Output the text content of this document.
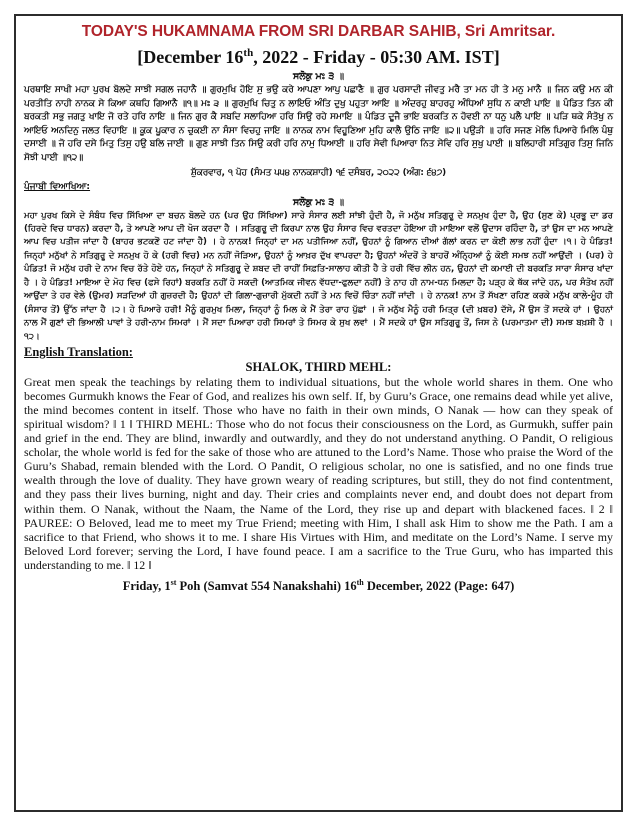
TODAY'S HUKAMNAMA FROM SRI DARBAR SAHIB, Sri Amritsar.
[December 16th, 2022 - Friday - 05:30 AM. IST]
ਸਲੋਕੁ ਮਃ ੩ ॥
ਪਰਥਾਇ ਸਾਖੀ ਮਹਾ ਪੁਰਖ ਬੋਲਦੇ ਸਾਝੀ ਸਗਲ ਜਹਾਨੈ ॥ ਗੁਰਮੁਖਿ ਹੋਇ ਸੁ ਭਉ ਕਰੇ ਆਪਣਾ ਆਪੁ ਪਛਾਣੈ ॥ ਗੁਰ ਪਰਸਾਦੀ ਜੀਵਤੁ ਮਰੈ ਤਾ ਮਨ ਹੀ ਤੇ ਮਨੁ ਮਾਨੈ ॥ ਜਿਨ ਕਉ ਮਨ ਕੀ ਪਰਤੀਤਿ ਨਾਹੀ ਨਾਨਕ ਸੇ ਕਿਆ ਕਥਹਿ ਗਿਆਨੈ ॥੧॥ ਮਃ ੩ ॥ ਗੁਰਮੁਖਿ ਚਿਤੁ ਨ ਲਾਇਓ ਅੰਤਿ ਦੁਖੁ ਪਹੁਤਾ ਆਇ ॥ ਅੰਦਰਹੁ ਬਾਹਰਹੁ ਅੰਧਿਆਂ ਸੁਧਿ ਨ ਕਾਈ ਪਾਇ ॥ ਪੰਡਿਤ ਤਿਨ ਕੀ ਬਰਕਤੀ ਸਭੁ ਜਗਤੁ ਖਾਇ ਜੋ ਰਤੇ ਹਰਿ ਨਾਇ ॥ ਜਿਨ ਗੁਰ ਕੈ ਸਬਦਿ ਸਲਾਹਿਆ ਹਰਿ ਸਿਉ ਰਹੇ ਸਮਾਇ ॥ ਪੰਡਿਤ ਦੂਜੈ ਭਾਇ ਬਰਕਤਿ ਨ ਹੋਵਈ ਨਾ ਧਨੁ ਪਲੈ ਪਾਇ ॥ ਪੜਿ ਥਕੇ ਸੰਤੋਖੁ ਨ ਆਇਓ ਅਨਦਿਨੁ ਜਲਤ ਵਿਹਾਇ ॥ ਕੂਕ ਪੂਕਾਰ ਨ ਚੁਕਈ ਨਾ ਸੰਸਾ ਵਿਚਹੁ ਜਾਇ ॥ ਨਾਨਕ ਨਾਮ ਵਿਹੂਣਿਆ ਮੁਹਿ ਕਾਲੈ ਉਠਿ ਜਾਇ ॥੨॥ ਪਉੜੀ ॥ ਹਰਿ ਸਜਣ ਮੇਲਿ ਪਿਆਰੇ ਮਿਲਿ ਪੰਥੁ ਦਸਾਈ ॥ ਜੋ ਹਰਿ ਦਸੇ ਮਿਤੁ ਤਿਸੁ ਹਉ ਬਲਿ ਜਾਈ ॥ ਗੁਣ ਸਾਝੀ ਤਿਨ ਸਿਉ ਕਰੀ ਹਰਿ ਨਾਮੁ ਧਿਆਈ ॥ ਹਰਿ ਸੇਵੀ ਪਿਆਰਾ ਨਿਤ ਸੇਵਿ ਹਰਿ ਸੁਖੁ ਪਾਈ ॥ ਬਲਿਹਾਰੀ ਸਤਿਗੁਰ ਤਿਸੁ ਜਿਨਿ ਸੋਝੀ ਪਾਈ ॥੧੨॥
ਸ਼ੁੱਕਰਵਾਰ, ੧ ਪੋਹ (ਸੰਮਤ ੫੫੪ ਨਾਨਕਸ਼ਾਹੀ) ੧੬ ਦਸੰਬਰ, ੨੦੨੨ (ਅੰਗ: ੬੪੭)
ਪੰਜਾਬੀ ਵਿਆਖਿਆ:
ਸਲੋਕੁ ਮਃ ੩ ॥
ਮਹਾ ਪੁਰਖ ਕਿਸੇ ਦੇ ਸੰਬੰਧ ਵਿਚ ਸਿੱਖਿਆ ਦਾ ਬਚਨ ਬੋਲਦੇ ਹਨ (ਪਰ ਉਹ ਸਿੱਖਿਆ) ਸਾਰੇ ਸੰਸਾਰ ਲਈ ਸਾਂਝੀ ਹੁੰਦੀ ਹੈ, ਜੋ ਮਨੁੱਖ ਸਤਿਗੁਰੂ ਦੇ ਸਨਮੁਖ ਹੁੰਦਾ ਹੈ, ਉਹ (ਸੁਣ ਕੇ) ਪ੍ਰਭੂ ਦਾ ਡਰ (ਹਿਰਦੇ ਵਿਚ ਧਾਰਨ) ਕਰਦਾ ਹੈ, ਤੇ ਆਪਣੇ ਆਪ ਦੀ ਖੋਜ ਕਰਦਾ ਹੈ । ਸਤਿਗੁਰੂ ਦੀ ਕਿਰਪਾ ਨਾਲ ਉਹ ਸੰਸਾਰ ਵਿਚ ਵਰਤਦਾ ਹੋਇਆ ਹੀ ਮਾਇਆ ਵਲੋਂ ਉਦਾਸ ਰਹਿੰਦਾ ਹੈ, ਤਾਂ ਉਸ ਦਾ ਮਨ ਆਪਣੇ ਆਪ ਵਿਚ ਪਤੀਜ ਜਾਂਦਾ ਹੈ (ਬਾਹਰ ਭਟਕਣੋਂ ਹਟ ਜਾਂਦਾ ਹੈ) । ਹੇ ਨਾਨਕ! ਜਿਨ੍ਹਾਂ ਦਾ ਮਨ ਪਤੀਜਿਆ ਨਹੀਂ, ਉਹਨਾਂ ਨੂੰ ਗਿਆਨ ਦੀਆਂ ਗੱਲਾਂ ਕਰਨ ਦਾ ਕੋਈ ਲਾਭ ਨਹੀਂ ਹੁੰਦਾ ।੧। ਹੇ ਪੰਡਿਤ! ਜਿਨ੍ਹਾਂ ਮਨੁੱਖਾਂ ਨੇ ਸਤਿਗੁਰੂ ਦੇ ਸਨਮੁਖ ਹੋ ਕੇ (ਹਰੀ ਵਿਚ) ਮਨ ਨਹੀਂ ਜੋੜਿਆ, ਉਹਨਾਂ ਨੂੰ ਆਖ਼ਰ ਦੁੱਖ ਵਾਪਰਦਾ ਹੈ; ਉਹਨਾਂ ਅੰਦਰੋਂ ਤੇ ਬਾਹਰੋਂ ਅੰਨ੍ਹਿਆਂ ਨੂੰ ਕੋਈ ਸਮਝ ਨਹੀਂ ਆਉਂਦੀ । (ਪਰ) ਹੇ ਪੰਡਿਤ! ਜੋ ਮਨੁੱਖ ਹਰੀ ਦੇ ਨਾਮ ਵਿਚ ਰੱਤੇ ਹੋਏ ਹਨ, ਜਿਨ੍ਹਾਂ ਨੇ ਸਤਿਗੁਰੂ ਦੇ ਸ਼ਬਦ ਦੀ ਰਾਹੀਂ ਸਿਫ਼ਤਿ-ਸਾਲਾਹ ਕੀਤੀ ਹੈ ਤੇ ਹਰੀ ਵਿੱਚ ਲੀਨ ਹਨ, ਉਹਨਾਂ ਦੀ ਕਮਾਈ ਦੀ ਬਰਕਤਿ ਸਾਰਾ ਸੰਸਾਰ ਖਾਂਦਾ ਹੈ । ਹੇ ਪੰਡਿਤ! ਮਾਇਆ ਦੇ ਮੋਹ ਵਿਚ (ਫਸੇ ਰਿਹਾਂ) ਬਰਕਤਿ ਨਹੀਂ ਹੋ ਸਕਦੀ (ਆਤਮਿਕ ਜੀਵਨ ਵੱਧਦਾ-ਫੁਲਦਾ ਨਹੀਂ) ਤੇ ਨਾਹ ਹੀ ਨਾਮ-ਧਨ ਮਿਲਦਾ ਹੈ; ਪੜ੍ਹ ਕੇ ਥੱਕ ਜਾਂਦੇ ਹਨ, ਪਰ ਸੰਤੋਖ ਨਹੀਂ ਆਉਂਦਾ ਤੇ ਹਰ ਵੇਲੇ (ਉਮਰ) ਸੜਦਿਆਂ ਹੀ ਗੁਜ਼ਰਦੀ ਹੈ; ਉਹਨਾਂ ਦੀ ਗਿਲਾ-ਗੁਜ਼ਾਰੀ ਮੁੱਕਦੀ ਨਹੀਂ ਤੇ ਮਨ ਵਿਚੋਂ ਚਿੰਤਾ ਨਹੀਂ ਜਾਂਦੀ । ਹੇ ਨਾਨਕ! ਨਾਮ ਤੋਂ ਸੱਖਣਾ ਰਹਿਣ ਕਰਕੇ ਮਨੁੱਖ ਕਾਲੇ-ਮੂੰਹ ਹੀ (ਸੰਸਾਰ ਤੋਂ) ਉੱਠ ਜਾਂਦਾ ਹੈ ।੨। ਹੇ ਪਿਆਰੇ ਹਰੀ! ਮੈਨੂੰ ਗੁਰਮੁਖ ਮਿਲਾ, ਜਿਨ੍ਹਾਂ ਨੂੰ ਮਿਲ ਕੇ ਮੈਂ ਤੇਰਾ ਰਾਹ ਪੁੱਛਾਂ । ਜੋ ਮਨੁੱਖ ਮੈਨੂੰ ਹਰੀ ਮਿਤ੍ਰ (ਦੀ ਖ਼ਬਰ) ਦੱਸੇ, ਮੈਂ ਉਸ ਤੋਂ ਸਦਕੇ ਹਾਂ । ਉਹਨਾਂ ਨਾਲ ਮੈਂ ਗੁਣਾਂ ਦੀ ਭਿਆਲੀ ਪਾਵਾਂ ਤੇ ਹਰੀ-ਨਾਮ ਸਿਮਰਾਂ । ਮੈਂ ਸਦਾ ਪਿਆਰਾ ਹਰੀ ਸਿਮਰਾਂ ਤੇ ਸਿਮਰ ਕੇ ਸੁਖ ਲਵਾਂ । ਮੈਂ ਸਦਕੇ ਹਾਂ ਉਸ ਸਤਿਗੁਰੂ ਤੋਂ, ਜਿਸ ਨੇ (ਪਰਮਾਤਮਾ ਦੀ) ਸਮਝ ਬਖ਼ਸ਼ੀ ਹੈ ।੧੨।
English Translation:
SHALOK, THIRD MEHL:
Great men speak the teachings by relating them to individual situations, but the whole world shares in them. One who becomes Gurmukh knows the Fear of God, and realizes his own self. If, by Guru’s Grace, one remains dead while yet alive, the mind becomes content in itself. Those who have no faith in their own minds, O Nanak — how can they speak of spiritual wisdom? ‖ 1 ‖ THIRD MEHL: Those who do not focus their consciousness on the Lord, as Gurmukh, suffer pain and grief in the end. They are blind, inwardly and outwardly, and they do not understand anything. O Pandit, O religious scholar, the whole world is fed for the sake of those who are attuned to the Lord’s Name. Those who praise the Word of the Guru’s Shabad, remain blended with the Lord. O Pandit, O religious scholar, no one is satisfied, and no one finds true wealth through the love of duality. They have grown weary of reading scriptures, but still, they do not find contentment, and they pass their lives burning, night and day. Their cries and complaints never end, and doubt does not depart from within them. O Nanak, without the Naam, the Name of the Lord, they rise up and depart with blackened faces. ‖ 2 ‖ PAUREE: O Beloved, lead me to meet my True Friend; meeting with Him, I shall ask Him to show me the Path. I am a sacrifice to that Friend, who shows it to me. I share His Virtues with Him, and meditate on the Lord’s Name. I serve my Beloved Lord forever; serving the Lord, I have found peace. I am a sacrifice to the True Guru, who has imparted this understanding to me. ‖ 12 ‖
Friday, 1st Poh (Samvat 554 Nanakshahi) 16th December, 2022 (Page: 647)
